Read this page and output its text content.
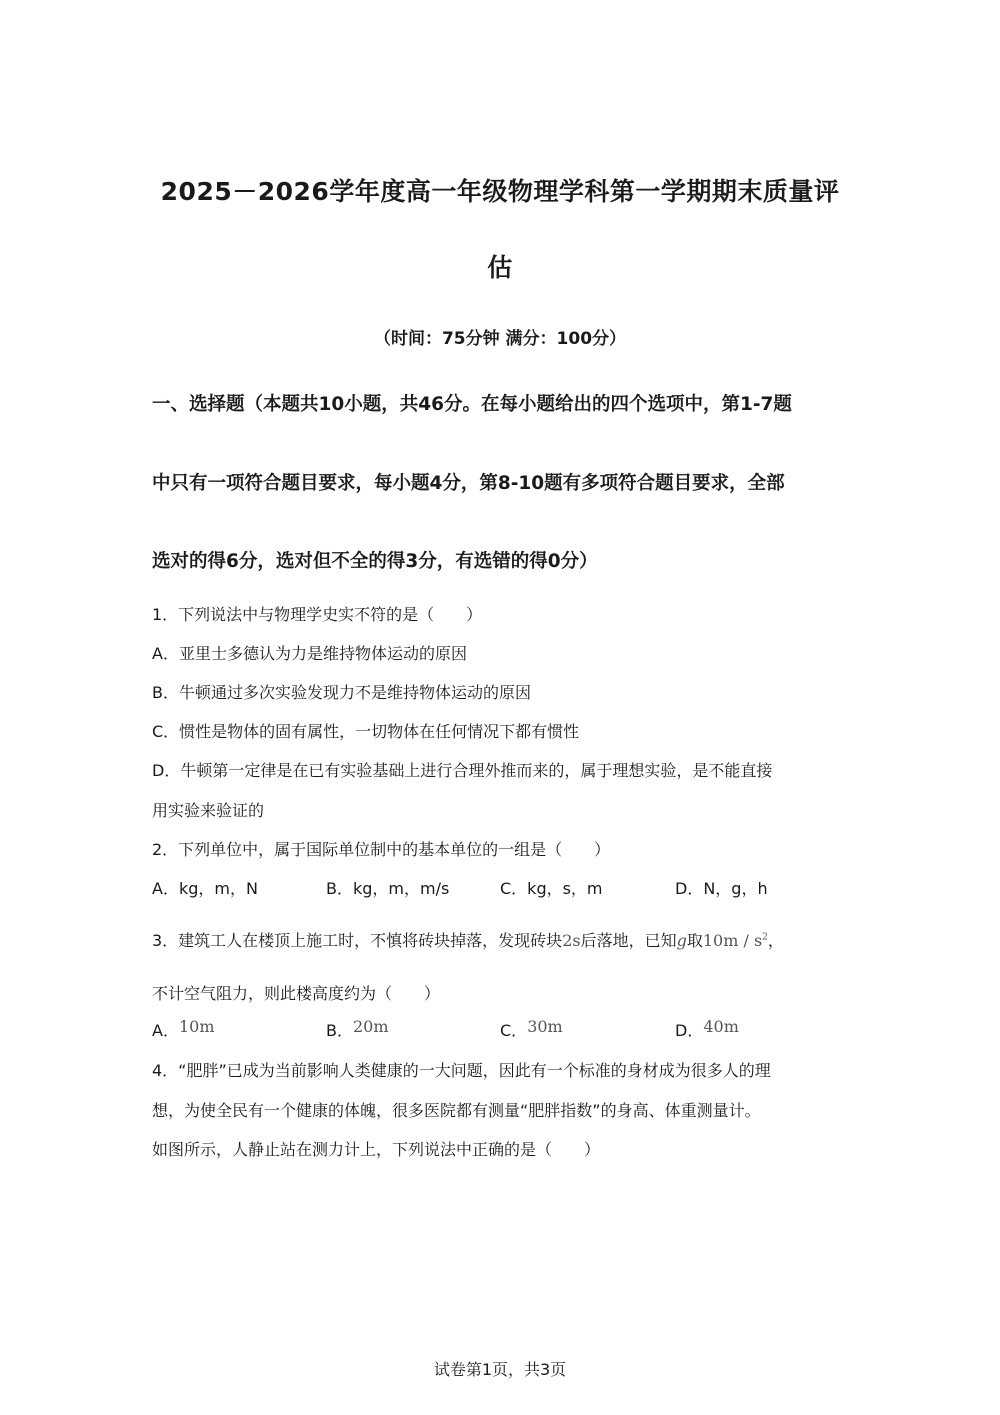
2025－2026学年度高一年级物理学科第一学期期末质量评
估
（时间：75分钟 满分：100分）
一、选择题（本题共10小题，共46分。在每小题给出的四个选项中，第1-7题
中只有一项符合题目要求，每小题4分，第8-10题有多项符合题目要求，全部
选对的得6分，选对但不全的得3分，有选错的得0分）
1．下列说法中与物理学史实不符的是（　　）
A．亚里士多德认为力是维持物体运动的原因
B．牛顿通过多次实验发现力不是维持物体运动的原因
C．惯性是物体的固有属性，一切物体在任何情况下都有惯性
D．牛顿第一定律是在已有实验基础上进行合理外推而来的，属于理想实验，是不能直接
用实验来验证的
2．下列单位中，属于国际单位制中的基本单位的一组是（　　）
A．kg，m，N	B．kg，m，m/s	C．kg，s，m	D．N，g，h
3．建筑工人在楼顶上施工时，不慎将砖块掉落，发现砖块2s后落地，已知g取$10m / s^2$，
不计空气阻力，则此楼高度约为（　　）
A．10m	B．20m	C．30m	D．40m
4．“肥胖”已成为当前影响人类健康的一大问题，因此有一个标准的身材成为很多人的理
想，为使全民有一个健康的体魄，很多医院都有测量“肥胖指数”的身高、体重测量计。
如图所示，人静止站在测力计上，下列说法中正确的是（　　）
试卷第1页，共3页
